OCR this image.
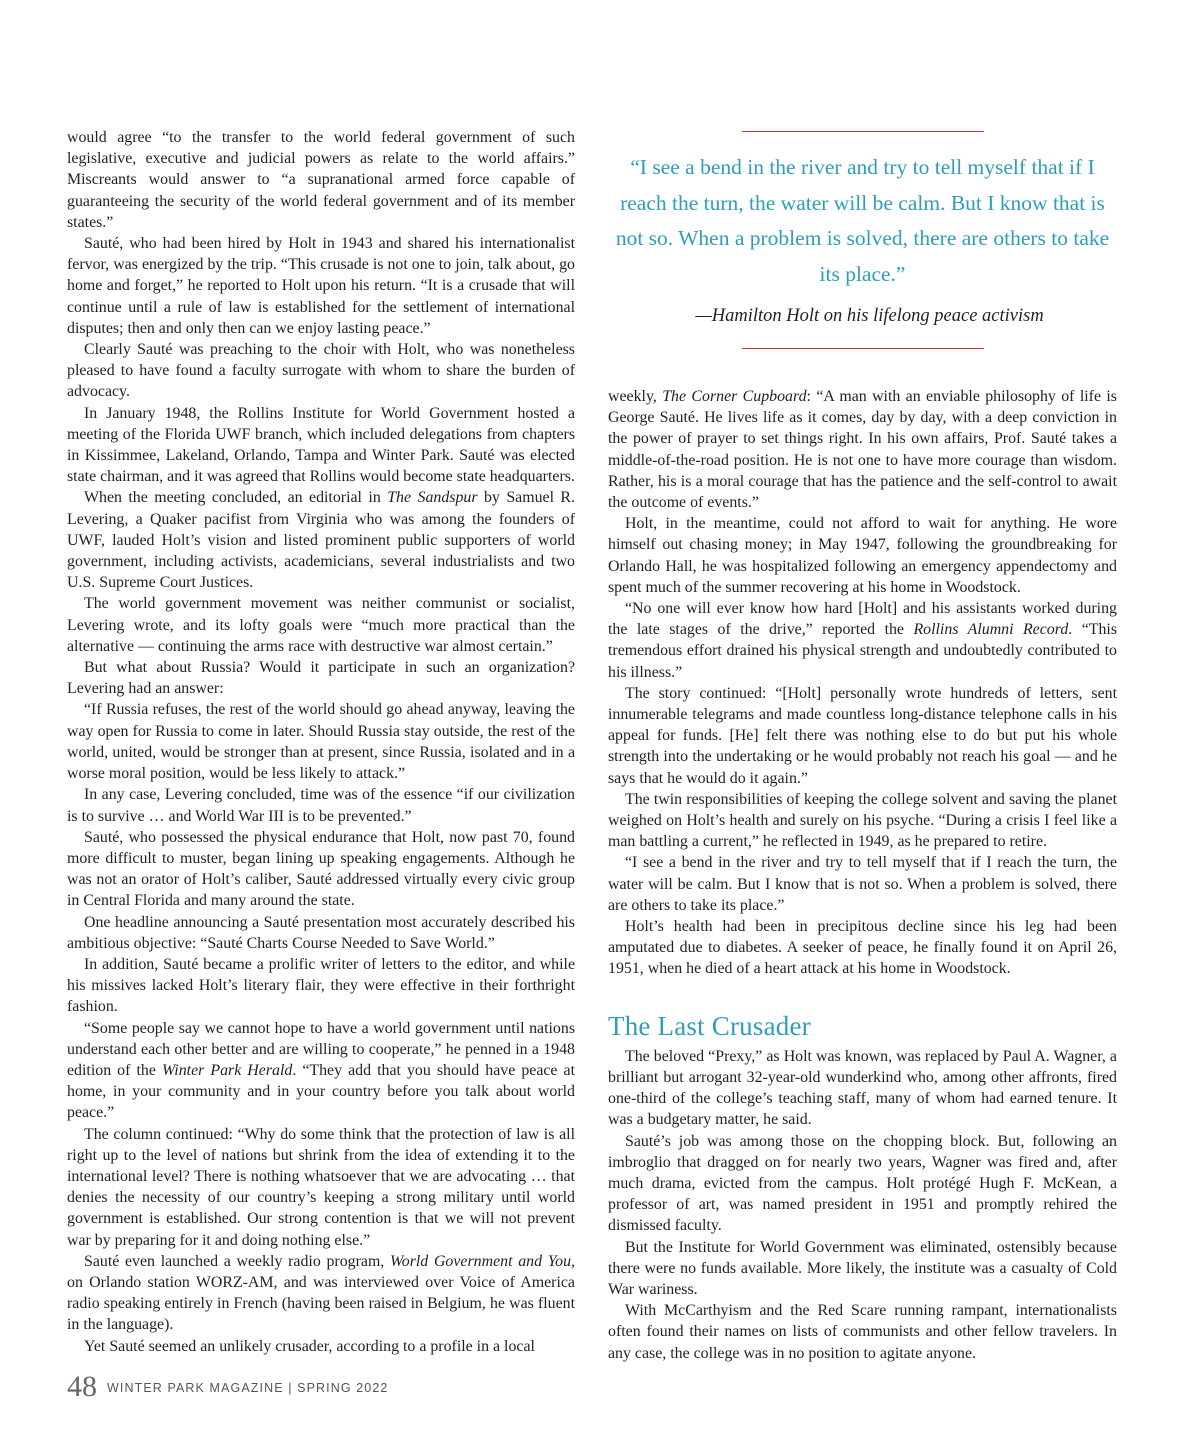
would agree “to the transfer to the world federal government of such legislative, executive and judicial powers as relate to the world affairs.” Miscreants would answer to “a supranational armed force capable of guaranteeing the security of the world federal government and of its member states.”

Sauté, who had been hired by Holt in 1943 and shared his internationalist fervor, was energized by the trip. “This crusade is not one to join, talk about, go home and forget,” he reported to Holt upon his return. “It is a crusade that will continue until a rule of law is established for the settlement of international disputes; then and only then can we enjoy lasting peace.”

Clearly Sauté was preaching to the choir with Holt, who was nonetheless pleased to have found a faculty surrogate with whom to share the burden of advocacy.

In January 1948, the Rollins Institute for World Government hosted a meeting of the Florida UWF branch, which included delegations from chapters in Kissimmee, Lakeland, Orlando, Tampa and Winter Park. Sauté was elected state chairman, and it was agreed that Rollins would become state headquarters.

When the meeting concluded, an editorial in The Sandspur by Samuel R. Levering, a Quaker pacifist from Virginia who was among the founders of UWF, lauded Holt’s vision and listed prominent public supporters of world government, including activists, academicians, several industrialists and two U.S. Supreme Court Justices.

The world government movement was neither communist or socialist, Levering wrote, and its lofty goals were “much more practical than the alternative — continuing the arms race with destructive war almost certain.”

But what about Russia? Would it participate in such an organization? Levering had an answer:

“If Russia refuses, the rest of the world should go ahead anyway, leaving the way open for Russia to come in later. Should Russia stay outside, the rest of the world, united, would be stronger than at present, since Russia, isolated and in a worse moral position, would be less likely to attack.”

In any case, Levering concluded, time was of the essence “if our civilization is to survive … and World War III is to be prevented.”

Sauté, who possessed the physical endurance that Holt, now past 70, found more difficult to muster, began lining up speaking engagements. Although he was not an orator of Holt’s caliber, Sauté addressed virtually every civic group in Central Florida and many around the state.

One headline announcing a Sauté presentation most accurately described his ambitious objective: “Sauté Charts Course Needed to Save World.”

In addition, Sauté became a prolific writer of letters to the editor, and while his missives lacked Holt’s literary flair, they were effective in their forthright fashion.

“Some people say we cannot hope to have a world government until nations understand each other better and are willing to cooperate,” he penned in a 1948 edition of the Winter Park Herald. “They add that you should have peace at home, in your community and in your country before you talk about world peace.”

The column continued: “Why do some think that the protection of law is all right up to the level of nations but shrink from the idea of extending it to the international level? There is nothing whatsoever that we are advocating … that denies the necessity of our country’s keeping a strong military until world government is established. Our strong contention is that we will not prevent war by preparing for it and doing nothing else.”

Sauté even launched a weekly radio program, World Government and You, on Orlando station WORZ-AM, and was interviewed over Voice of America radio speaking entirely in French (having been raised in Belgium, he was fluent in the language).

Yet Sauté seemed an unlikely crusader, according to a profile in a local

“I see a bend in the river and try to tell myself that if I reach the turn, the water will be calm. But I know that is not so. When a problem is solved, there are others to take its place.”
—Hamilton Holt on his lifelong peace activism

weekly, The Corner Cupboard: “A man with an enviable philosophy of life is George Sauté. He lives life as it comes, day by day, with a deep conviction in the power of prayer to set things right. In his own affairs, Prof. Sauté takes a middle-of-the-road position. He is not one to have more courage than wisdom. Rather, his is a moral courage that has the patience and the self-control to await the outcome of events.”

Holt, in the meantime, could not afford to wait for anything. He wore himself out chasing money; in May 1947, following the groundbreaking for Orlando Hall, he was hospitalized following an emergency appendectomy and spent much of the summer recovering at his home in Woodstock.

“No one will ever know how hard [Holt] and his assistants worked during the late stages of the drive,” reported the Rollins Alumni Record. “This tremendous effort drained his physical strength and undoubtedly contributed to his illness.”

The story continued: “[Holt] personally wrote hundreds of letters, sent innumerable telegrams and made countless long-distance telephone calls in his appeal for funds. [He] felt there was nothing else to do but put his whole strength into the undertaking or he would probably not reach his goal — and he says that he would do it again.”

The twin responsibilities of keeping the college solvent and saving the planet weighed on Holt’s health and surely on his psyche. “During a crisis I feel like a man battling a current,” he reflected in 1949, as he prepared to retire.

“I see a bend in the river and try to tell myself that if I reach the turn, the water will be calm. But I know that is not so. When a problem is solved, there are others to take its place.”

Holt’s health had been in precipitous decline since his leg had been amputated due to diabetes. A seeker of peace, he finally found it on April 26, 1951, when he died of a heart attack at his home in Woodstock.

The Last Crusader

The beloved “Prexy,” as Holt was known, was replaced by Paul A. Wagner, a brilliant but arrogant 32-year-old wunderkind who, among other affronts, fired one-third of the college’s teaching staff, many of whom had earned tenure. It was a budgetary matter, he said.

Sauté’s job was among those on the chopping block. But, following an imbroglio that dragged on for nearly two years, Wagner was fired and, after much drama, evicted from the campus. Holt protégé Hugh F. McKean, a professor of art, was named president in 1951 and promptly rehired the dismissed faculty.

But the Institute for World Government was eliminated, ostensibly because there were no funds available. More likely, the institute was a casualty of Cold War wariness.

With McCarthyism and the Red Scare running rampant, internationalists often found their names on lists of communists and other fellow travelers. In any case, the college was in no position to agitate anyone.

48 $^{WINTER PARK MAGAZINE | SPRING 2022}$
